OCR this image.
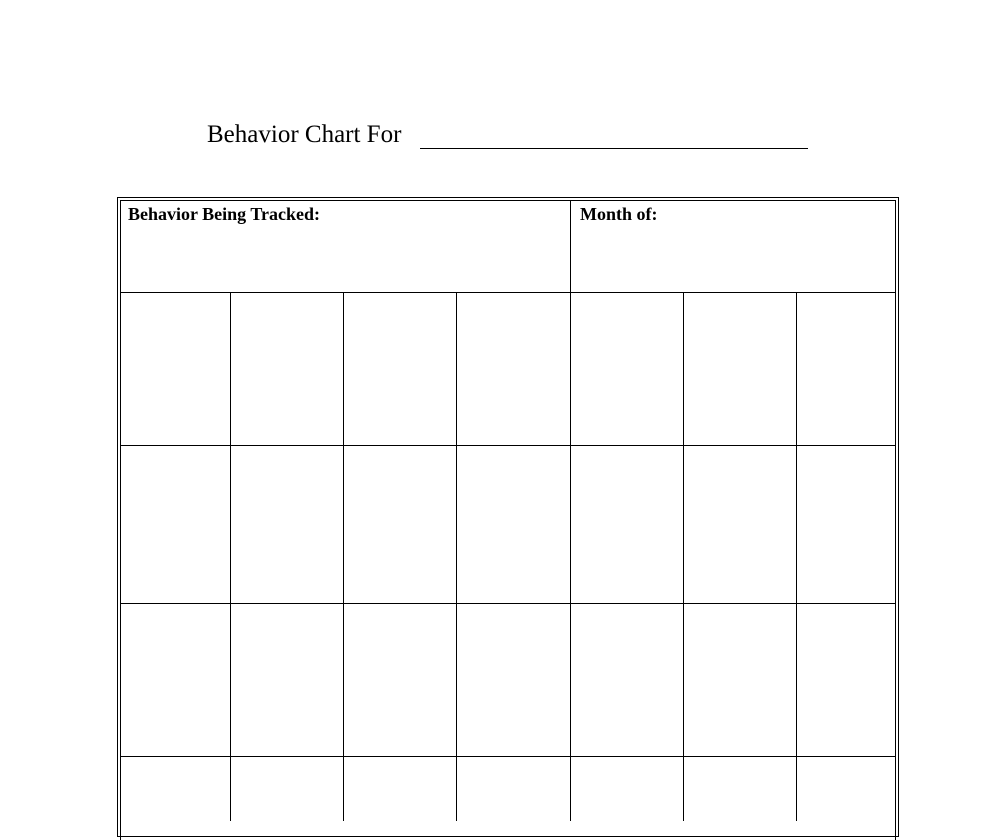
Behavior Chart For
Behavior Being Tracked:	Month of:
